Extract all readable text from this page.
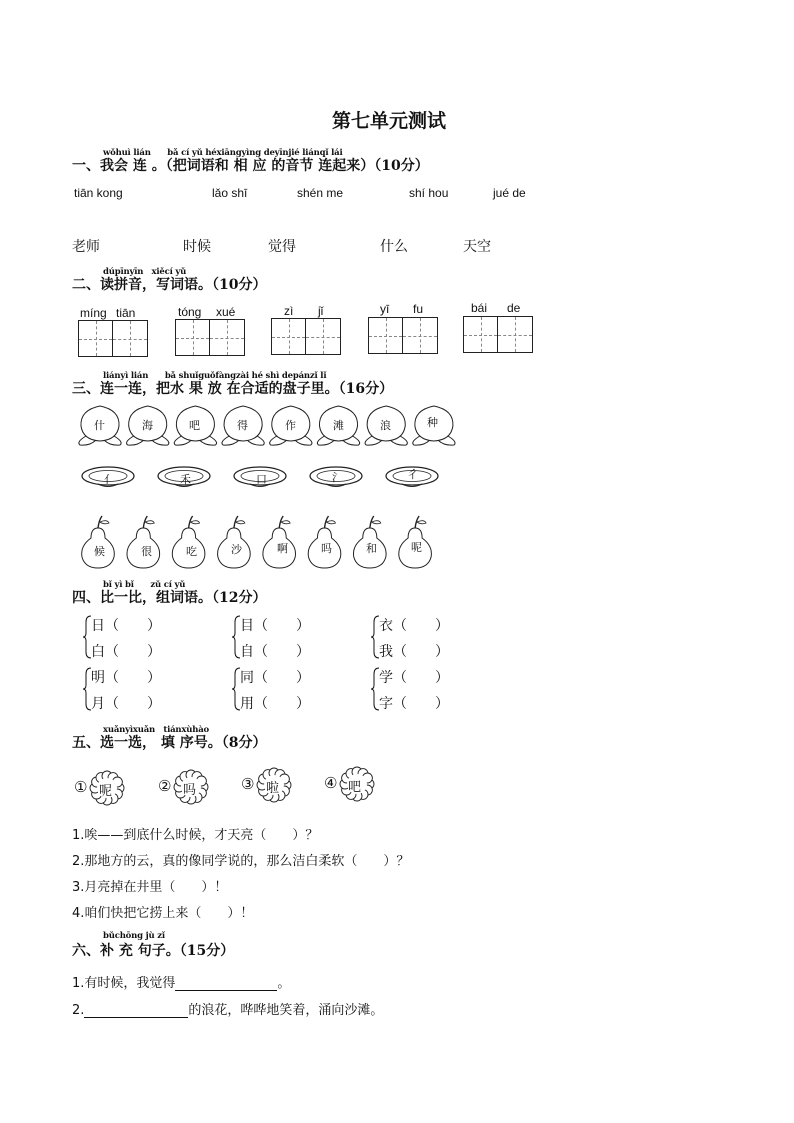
第七单元测试
wǒhuì lián　　bǎ cí yǔ héxiāngyìng deyīnjié liánqǐ lái
一、我会 连 。（把词语和 相 应 的音节 连起来）（10分）
tiān kong	lǎo shī	shén me	shí hou	jué de
老师	时候	觉得	什么	天空
dúpīnyīn　xiěcí yǔ
二、读拼音，写词语。（10分）
míng tiān	tóng xué	zì jǐ	yī fu	bái de
liányì lián　　bǎ shuǐguǒfàngzài hé shì depánzǐ lǐ
三、连一连，把水 果 放 在合适的盘子里。（16分）
什	海	吧	得	作	滩	浪	种
亻	禾	口	氵	彳
候	很	吃	沙	啊	吗	和	呢
bǐ yì bǐ　　zǔ cí yǔ
四、比一比，组词语。（12分）
日（　　）
白（　　）
目（　　）
自（　　）
衣（　　）
我（　　）
明（　　）
月（　　）
同（　　）
用（　　）
学（　　）
字（　　）
xuǎnyìxuǎn　tiánxùhào
五、选一选， 填 序号。（8分）
① 呢	② 吗	③ 啦	④ 吧
1.唉——到底什么时候，才天亮（　　）？
2.那地方的云，真的像同学说的，那么洁白柔软（　　）？
3.月亮掉在井里（　　）！
4.咱们快把它捞上来（　　）！
bǔchōng jù zǐ
六、补 充 句子。（15分）
1.有时候，我觉得	。
2.	的浪花，哗哗地笑着，涌向沙滩。
